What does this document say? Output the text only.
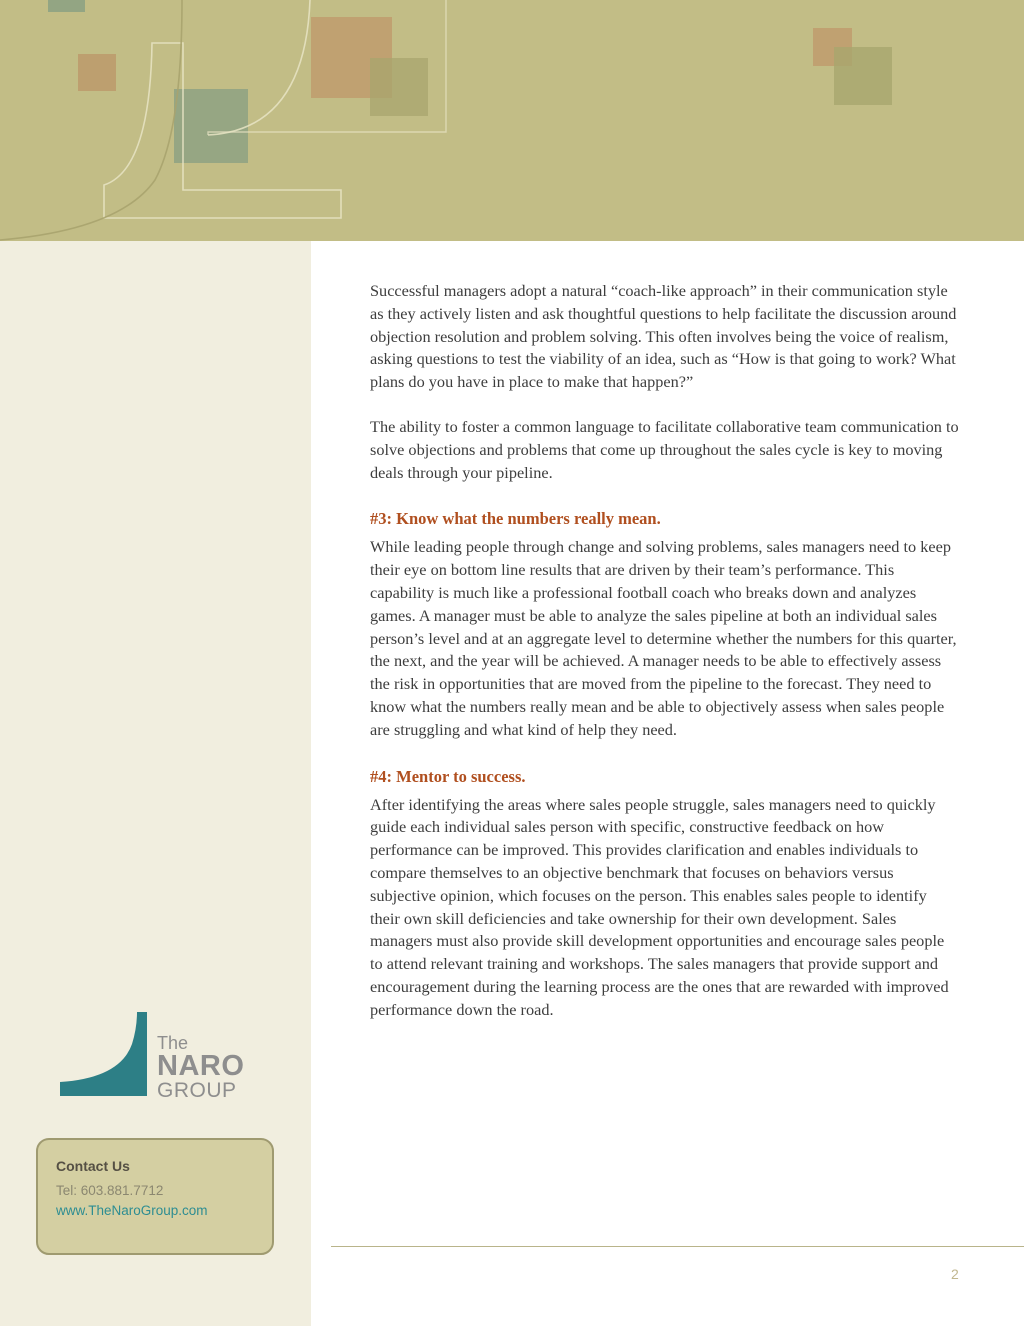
Successful managers adopt a natural “coach-like approach” in their communication style as they actively listen and ask thoughtful questions to help facilitate the discussion around objection resolution and problem solving. This often involves being the voice of realism, asking questions to test the viability of an idea, such as “How is that going to work? What plans do you have in place to make that happen?”

The ability to foster a common language to facilitate collaborative team communication to solve objections and problems that come up throughout the sales cycle is key to moving deals through your pipeline.

#3: Know what the numbers really mean.

While leading people through change and solving problems, sales managers need to keep their eye on bottom line results that are driven by their team’s performance. This capability is much like a professional football coach who breaks down and analyzes games. A manager must be able to analyze the sales pipeline at both an individual sales person’s level and at an aggregate level to determine whether the numbers for this quarter, the next, and the year will be achieved. A manager needs to be able to effectively assess the risk in opportunities that are moved from the pipeline to the forecast. They need to know what the numbers really mean and be able to objectively assess when sales people are struggling and what kind of help they need.

#4: Mentor to success.

After identifying the areas where sales people struggle, sales managers need to quickly guide each individual sales person with specific, constructive feedback on how performance can be improved. This provides clarification and enables individuals to compare themselves to an objective benchmark that focuses on behaviors versus subjective opinion, which focuses on the person. This enables sales people to identify their own skill deficiencies and take ownership for their own development. Sales managers must also provide skill development opportunities and encourage sales people to attend relevant training and workshops. The sales managers that provide support and encouragement during the learning process are the ones that are rewarded with improved performance down the road.

The
NARO
GROUP
Contact Us
Tel: 603.881.7712
www.TheNaroGroup.com
2
